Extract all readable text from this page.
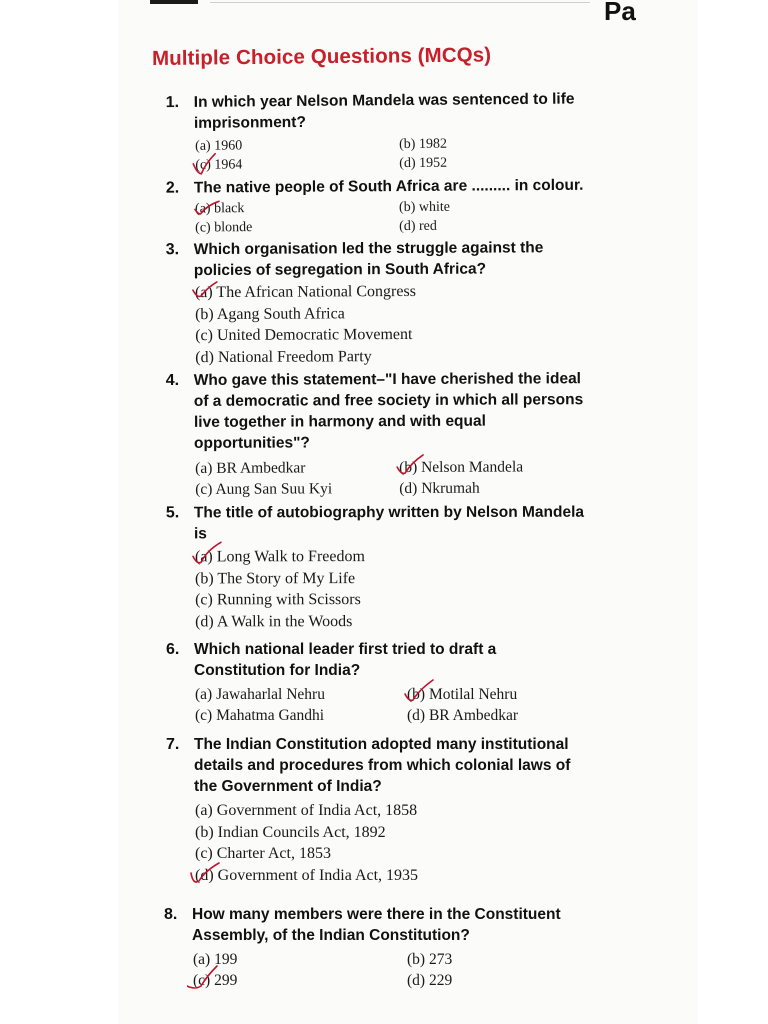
Pa
Multiple Choice Questions (MCQs)
1. In which year Nelson Mandela was sentenced to life
imprisonment?
(a) 1960	(b) 1982
(c) 1964	(d) 1952
2. The native people of South Africa are ......... in colour.
(a) black	(b) white
(c) blonde	(d) red
3. Which organisation led the struggle against the
policies of segregation in South Africa?
(a) The African National Congress
(b) Agang South Africa
(c) United Democratic Movement
(d) National Freedom Party
4. Who gave this statement–"I have cherished the ideal
of a democratic and free society in which all persons
live together in harmony and with equal
opportunities"?
(a) BR Ambedkar	(b) Nelson Mandela
(c) Aung San Suu Kyi	(d) Nkrumah
5. The title of autobiography written by Nelson Mandela
is
(a) Long Walk to Freedom
(b) The Story of My Life
(c) Running with Scissors
(d) A Walk in the Woods
6. Which national leader first tried to draft a
Constitution for India?
(a) Jawaharlal Nehru	(b) Motilal Nehru
(c) Mahatma Gandhi	(d) BR Ambedkar
7. The Indian Constitution adopted many institutional
details and procedures from which colonial laws of
the Government of India?
(a) Government of India Act, 1858
(b) Indian Councils Act, 1892
(c) Charter Act, 1853
(d) Government of India Act, 1935
8. How many members were there in the Constituent
Assembly, of the Indian Constitution?
(a) 199	(b) 273
(c) 299	(d) 229
